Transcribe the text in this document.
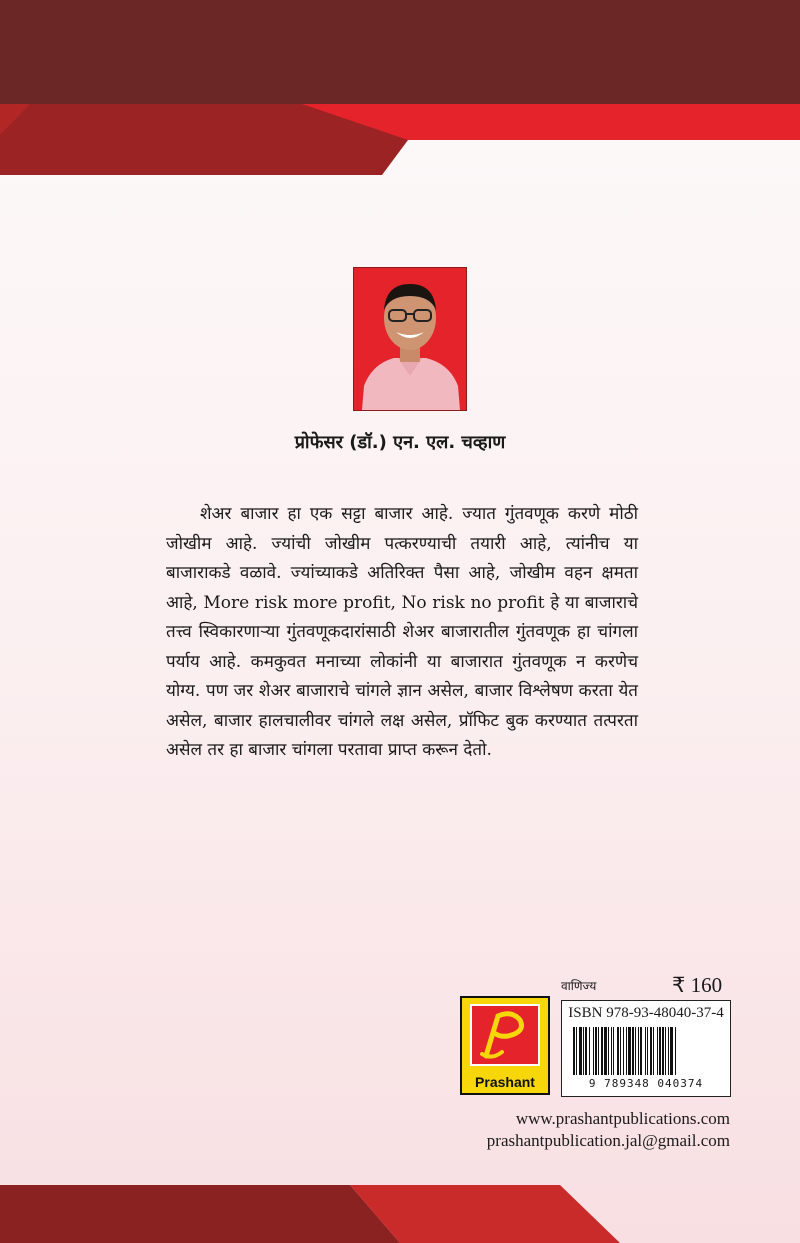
प्रोफेसर (डॉ.) एन. एल. चव्हाण

शेअर बाजार हा एक सट्टा बाजार आहे. ज्यात गुंतवणूक करणे मोठी जोखीम आहे. ज्यांची जोखीम पत्करण्याची तयारी आहे, त्यांनीच या बाजाराकडे वळावे. ज्यांच्याकडे अतिरिक्त पैसा आहे, जोखीम वहन क्षमता आहे, More risk more profit, No risk no profit हे या बाजाराचे तत्त्व स्विकारणाऱ्या गुंतवणूकदारांसाठी शेअर बाजारातील गुंतवणूक हा चांगला पर्याय आहे. कमकुवत मनाच्या लोकांनी या बाजारात गुंतवणूक न करणेच योग्य. पण जर शेअर बाजाराचे चांगले ज्ञान असेल, बाजार विश्लेषण करता येत असेल, बाजार हालचालीवर चांगले लक्ष असेल, प्रॉफिट बुक करण्यात तत्परता असेल तर हा बाजार चांगला परतावा प्राप्त करून देतो.

वाणिज्य	₹ 160
Prashant
ISBN 978-93-48040-37-4
9 789348 040374
www.prashantpublications.com
prashantpublication.jal@gmail.com
